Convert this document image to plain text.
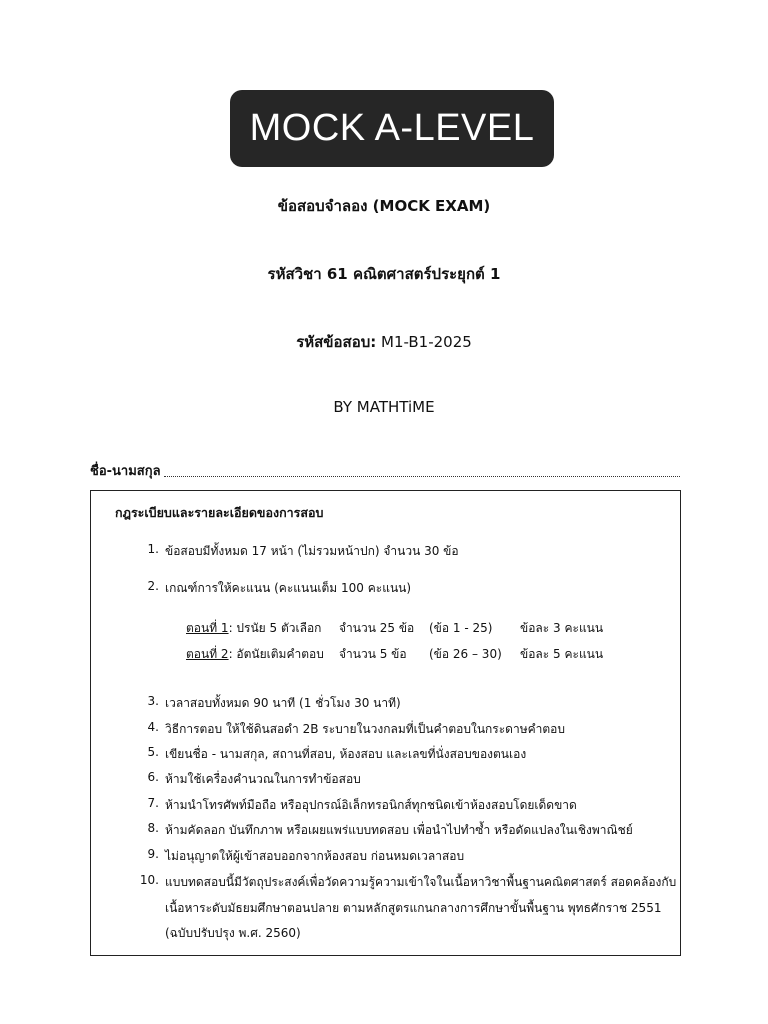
MOCK A-LEVEL
ข้อสอบจำลอง (MOCK EXAM)
รหัสวิชา 61 คณิตศาสตร์ประยุกต์ 1
รหัสข้อสอบ: M1-B1-2025
BY MATHTiME
ชื่อ-นามสกุล
กฎระเบียบและรายละเอียดของการสอบ
1. ข้อสอบมีทั้งหมด 17 หน้า (ไม่รวมหน้าปก) จำนวน 30 ข้อ
2. เกณฑ์การให้คะแนน (คะแนนเต็ม 100 คะแนน)
ตอนที่ 1: ปรนัย 5 ตัวเลือก	จำนวน 25 ข้อ	(ข้อ 1 - 25)	ข้อละ 3 คะแนน
ตอนที่ 2: อัตนัยเติมคำตอบ	จำนวน 5 ข้อ	(ข้อ 26 – 30)	ข้อละ 5 คะแนน
3. เวลาสอบทั้งหมด 90 นาที (1 ชั่วโมง 30 นาที)
4. วิธีการตอบ ให้ใช้ดินสอดำ 2B ระบายในวงกลมที่เป็นคำตอบในกระดาษคำตอบ
5. เขียนชื่อ - นามสกุล, สถานที่สอบ, ห้องสอบ และเลขที่นั่งสอบของตนเอง
6. ห้ามใช้เครื่องคำนวณในการทำข้อสอบ
7. ห้ามนำโทรศัพท์มือถือ หรืออุปกรณ์อิเล็กทรอนิกส์ทุกชนิดเข้าห้องสอบโดยเด็ดขาด
8. ห้ามคัดลอก บันทึกภาพ หรือเผยแพร่แบบทดสอบ เพื่อนำไปทำซ้ำ หรือดัดแปลงในเชิงพาณิชย์
9. ไม่อนุญาตให้ผู้เข้าสอบออกจากห้องสอบ ก่อนหมดเวลาสอบ
10. แบบทดสอบนี้มีวัตถุประสงค์เพื่อวัดความรู้ความเข้าใจในเนื้อหาวิชาพื้นฐานคณิตศาสตร์ สอดคล้องกับ
เนื้อหาระดับมัธยมศึกษาตอนปลาย ตามหลักสูตรแกนกลางการศึกษาขั้นพื้นฐาน พุทธศักราช 2551
(ฉบับปรับปรุง พ.ศ. 2560)
